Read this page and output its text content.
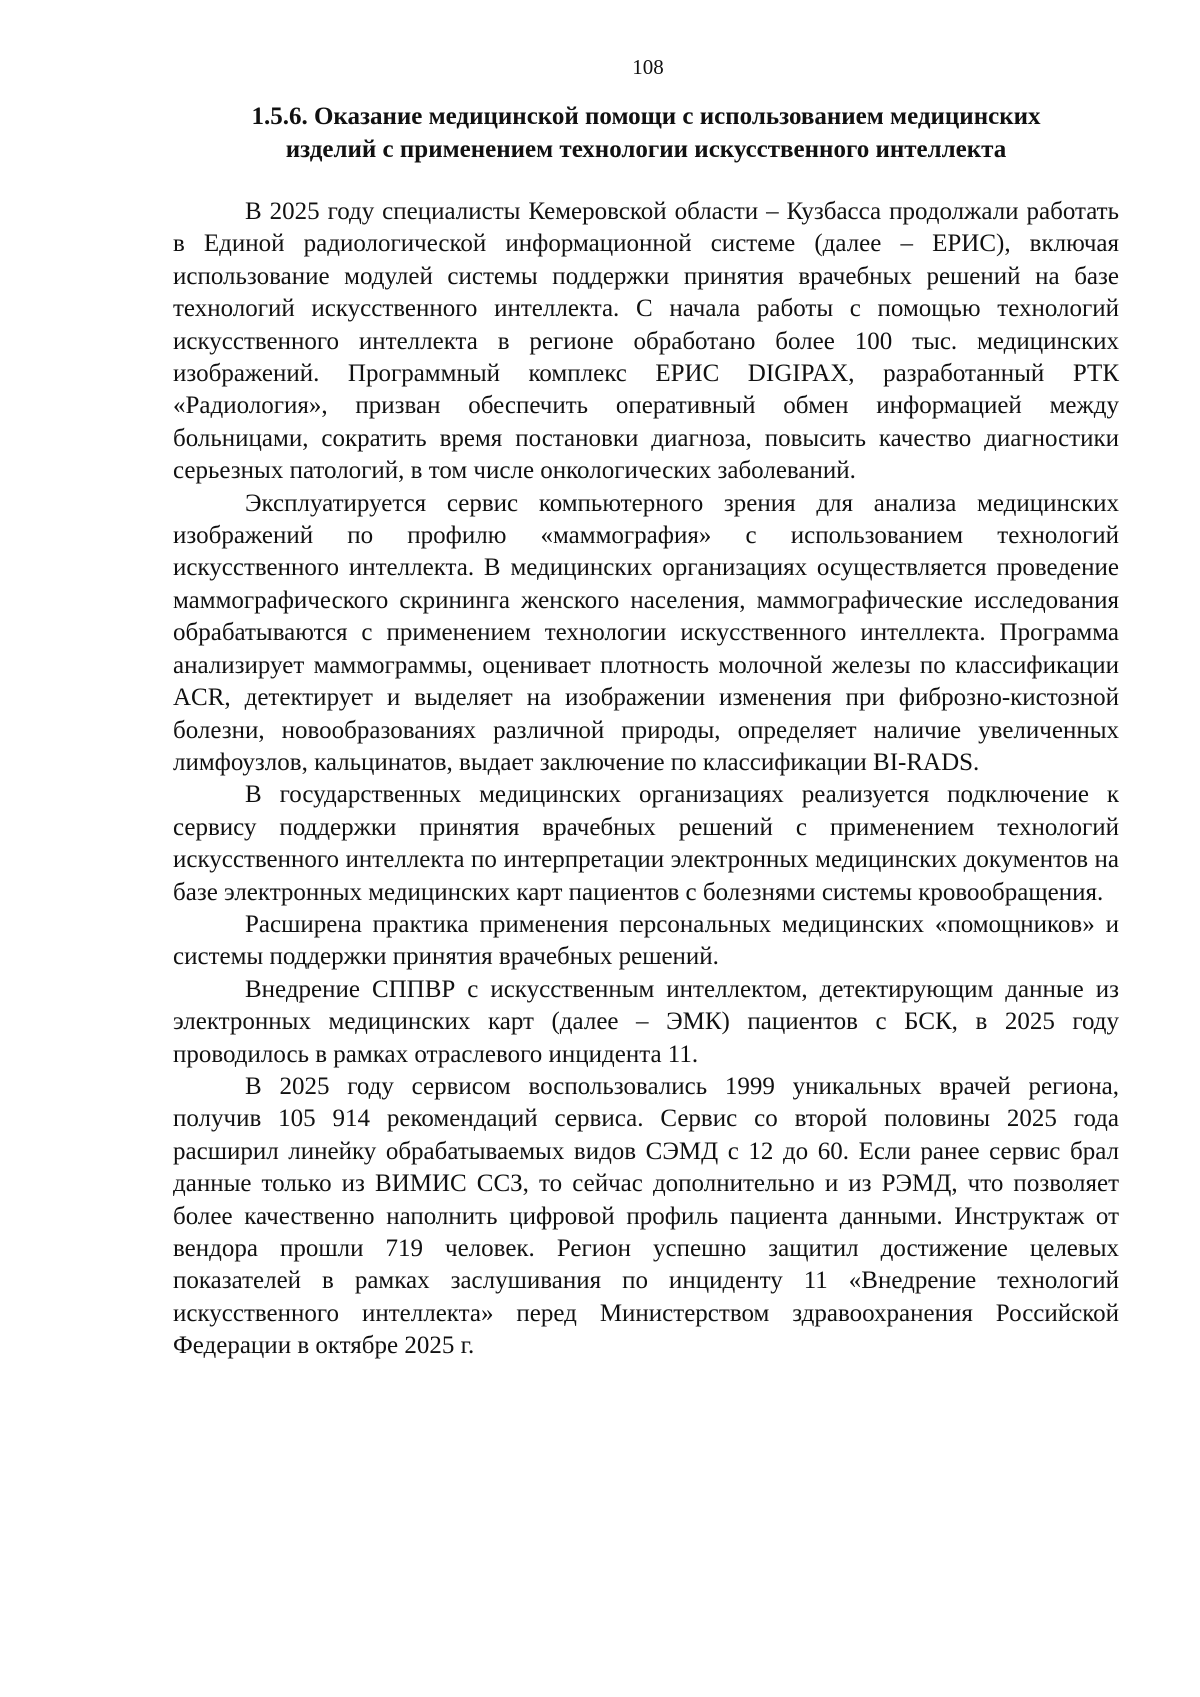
108
1.5.6. Оказание медицинской помощи с использованием медицинских
изделий с применением технологии искусственного интеллекта

В 2025 году специалисты Кемеровской области – Кузбасса продолжали работать в Единой радиологической информационной системе (далее – ЕРИС), включая использование модулей системы поддержки принятия врачебных решений на базе технологий искусственного интеллекта. С начала работы с помощью технологий искусственного интеллекта в регионе обработано более 100 тыс. медицинских изображений. Программный комплекс ЕРИС DIGIPAX, разработанный РТК «Радиология», призван обеспечить оперативный обмен информацией между больницами, сократить время постановки диагноза, повысить качество диагностики серьезных патологий, в том числе онкологических заболеваний.

Эксплуатируется сервис компьютерного зрения для анализа медицинских изображений по профилю «маммография» с использованием технологий искусственного интеллекта. В медицинских организациях осуществляется проведение маммографического скрининга женского населения, маммографические исследования обрабатываются с применением технологии искусственного интеллекта. Программа анализирует маммограммы, оценивает плотность молочной железы по классификации ACR, детектирует и выделяет на изображении изменения при фиброзно-кистозной болезни, новообразованиях различной природы, определяет наличие увеличенных лимфоузлов, кальцинатов, выдает заключение по классификации BI-RADS.

В государственных медицинских организациях реализуется подключение к сервису поддержки принятия врачебных решений с применением технологий искусственного интеллекта по интерпретации электронных медицинских документов на базе электронных медицинских карт пациентов с болезнями системы кровообращения.

Расширена практика применения персональных медицинских «помощников» и системы поддержки принятия врачебных решений.

Внедрение СППВР с искусственным интеллектом, детектирующим данные из электронных медицинских карт (далее – ЭМК) пациентов с БСК, в 2025 году проводилось в рамках отраслевого инцидента 11.

В 2025 году сервисом воспользовались 1999 уникальных врачей региона, получив 105 914 рекомендаций сервиса. Сервис со второй половины 2025 года расширил линейку обрабатываемых видов СЭМД с 12 до 60. Если ранее сервис брал данные только из ВИМИС ССЗ, то сейчас дополнительно и из РЭМД, что позволяет более качественно наполнить цифровой профиль пациента данными. Инструктаж от вендора прошли 719 человек. Регион успешно защитил достижение целевых показателей в рамках заслушивания по инциденту 11 «Внедрение технологий искусственного интеллекта» перед Министерством здравоохранения Российской Федерации в октябре 2025 г.
